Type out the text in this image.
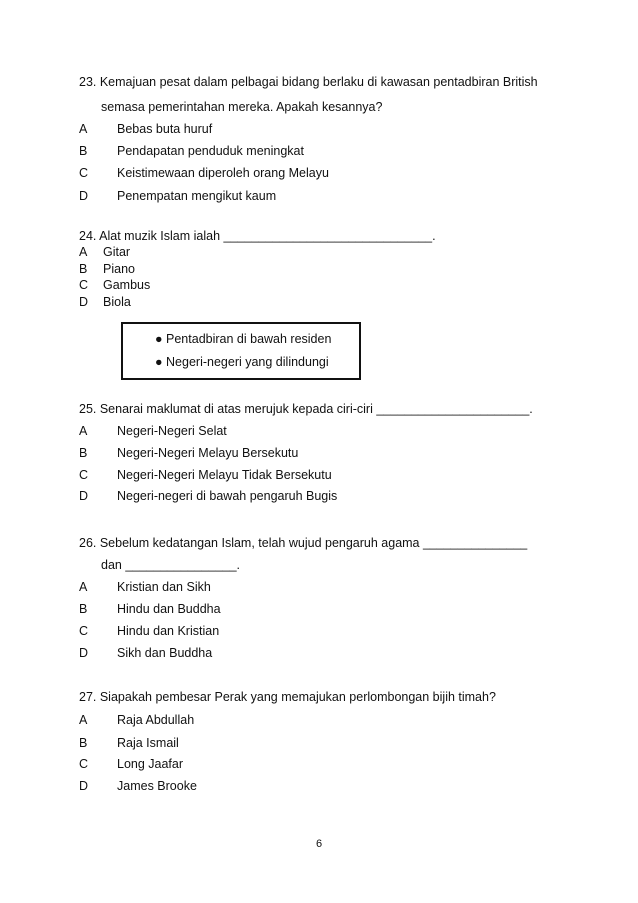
23. Kemajuan pesat dalam pelbagai bidang berlaku di kawasan pentadbiran British
semasa pemerintahan mereka. Apakah kesannya?
A Bebas buta huruf
B Pendapatan penduduk meningkat
C Keistimewaan diperoleh orang Melayu
D Penempatan mengikut kaum
24. Alat muzik Islam ialah ______________________________.
A Gitar
B Piano
C Gambus
D Biola
● Pentadbiran di bawah residen
● Negeri-negeri yang dilindungi
25. Senarai maklumat di atas merujuk kepada ciri-ciri ______________________.
A Negeri-Negeri Selat
B Negeri-Negeri Melayu Bersekutu
C Negeri-Negeri Melayu Tidak Bersekutu
D Negeri-negeri di bawah pengaruh Bugis
26. Sebelum kedatangan Islam, telah wujud pengaruh agama _______________
dan ________________.
A Kristian dan Sikh
B Hindu dan Buddha
C Hindu dan Kristian
D Sikh dan Buddha
27. Siapakah pembesar Perak yang memajukan perlombongan bijih timah?
A Raja Abdullah
B Raja Ismail
C Long Jaafar
D James Brooke
6
